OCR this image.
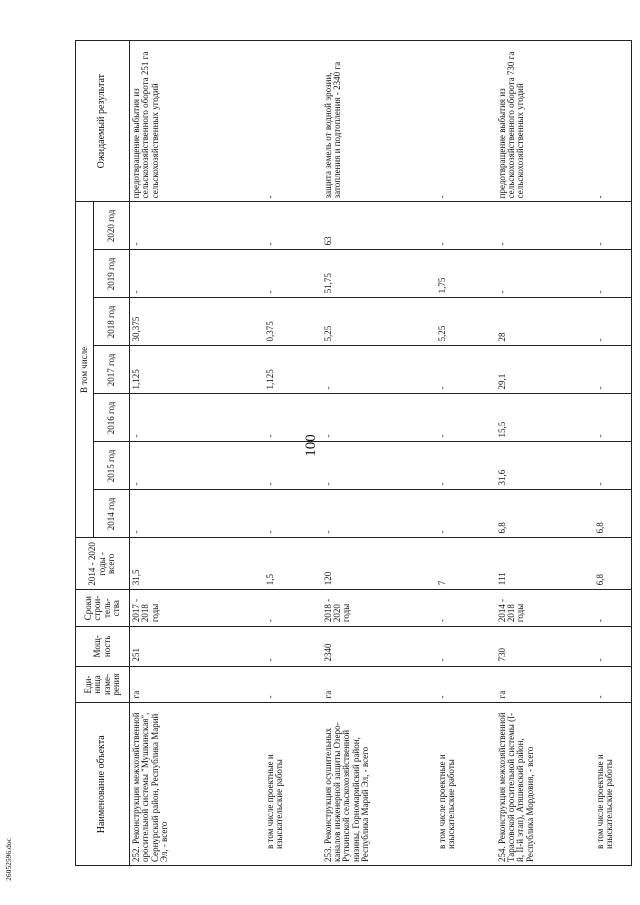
100
26052596.doc
Наименование объекта	Еди-ница изме-рения	Мощ-ность	Сроки строи-тель-ства	2014 - 2020 годы - всего	В том числе							Ожидаемый результат
					2014 год	2015 год	2016 год	2017 год	2018 год	2019 год	2020 год	
252. Реконструкция межхозяйственной оросительной системы "Мушкинская", Сернурский район, Республика Марий Эл, - всего	га	251	2017 - 2018 годы	31,5	-	-	-	1,125	30,375	-	-	предотвращение выбытия из сельскохозяйственного оборота 251 га сельскохозяйственных угодий
в том числе проектные и изыскательские работы	-	-	-	1,5	-	-	-	1,125	0,375	-	-	-
253. Реконструкция осушительных каналов инженерной защиты Озеро-Руткинской сельскохозяйственной низины, Горномарийский район, Республика Марий Эл, - всего	га	2340	2018 - 2020 годы	120	-	-	-	-	5,25	51,75	63	защита земель от водной эрозии, затопления и подтопления - 2340 га
в том числе проектные и изыскательские работы	-	-	-	7	-	-	-	-	5,25	1,75	-	-
254. Реконструкция межхозяйственной Тарасовской оросительной системы (I-й, II-й этап), Атяшевский район, Республика Мордовия, - всего	га	730	2014 - 2018 годы	111	6,8	31,6	15,5	29,1	28	-	-	предотвращение выбытия из сельскохозяйственного оборота 730 га сельскохозяйственных угодий
в том числе проектные и изыскательские работы	-	-	-	6,8	6,8	-	-	-	-	-	-	-
